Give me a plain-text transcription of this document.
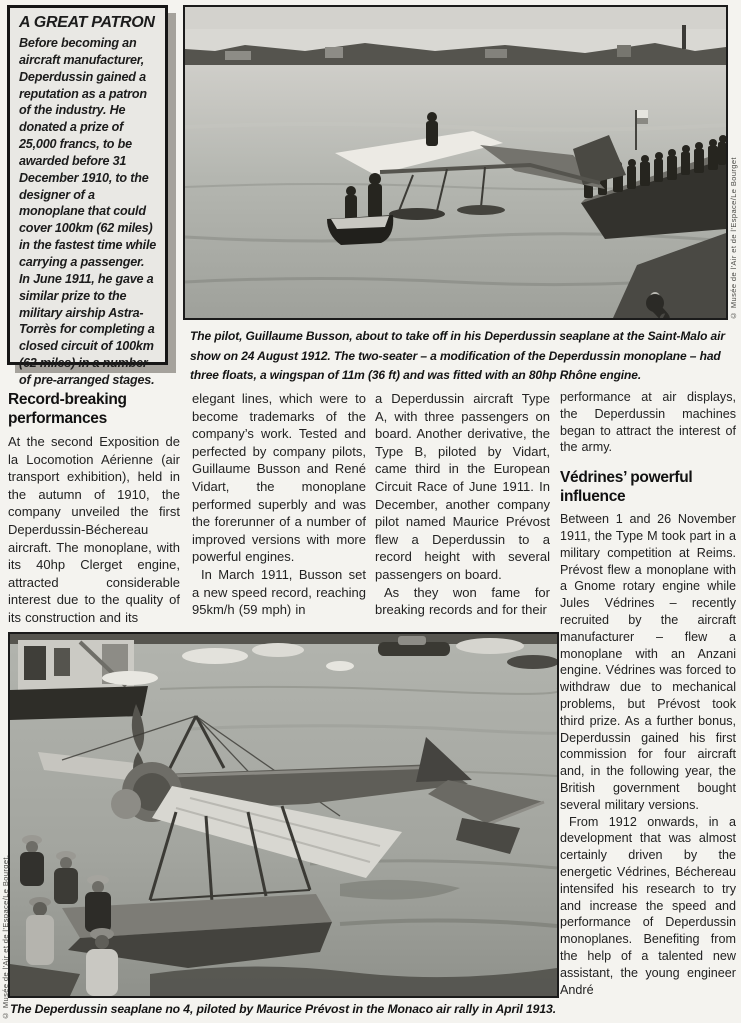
A GREAT PATRON
Before becoming an aircraft manufacturer, Deperdussin gained a reputation as a patron of the industry. He donated a prize of 25,000 francs, to be awarded before 31 December 1910, to the designer of a monoplane that could cover 100km (62 miles) in the fastest time while carrying a passenger. In June 1911, he gave a similar prize to the military airship Astra-Torrès for completing a closed circuit of 100km (62 miles) in a number of pre-arranged stages.
© Musée de l'Air et de l'Espace/Le Bourget
The pilot, Guillaume Busson, about to take off in his Deperdussin seaplane at the Saint-Malo air show on 24 August 1912. The two-seater – a modification of the Deperdussin monoplane – had three floats, a wingspan of 11m (36 ft) and was fitted with an 80hp Rhône engine.
Record-breaking performances

At the second Exposition de la Locomotion Aérienne (air transport exhibition), held in the autumn of 1910, the company unveiled the first Deperdussin-Béchereau aircraft. The monoplane, with its 40hp Clerget engine, attracted considerable interest due to the quality of its construction and its

elegant lines, which were to become trademarks of the company’s work. Tested and perfected by company pilots, Guillaume Busson and René Vidart, the monoplane performed superbly and was the forerunner of a number of improved versions with more powerful engines.

In March 1911, Busson set a new speed record, reaching 95km/h (59 mph) in

a Deperdussin aircraft Type A, with three passengers on board. Another derivative, the Type B, piloted by Vidart, came third in the European Circuit Race of June 1911. In December, another company pilot named Maurice Prévost flew a Deperdussin to a record height with several passengers on board.

As they won fame for breaking records and for their

performance at air displays, the Deperdussin machines began to attract the interest of the army.

Védrines’ powerful influence

Between 1 and 26 November 1911, the Type M took part in a military competition at Reims. Prévost flew a monoplane with a Gnome rotary engine while Jules Védrines – recently recruited by the aircraft manufacturer – flew a monoplane with an Anzani engine. Védrines was forced to withdraw due to mechanical problems, but Prévost took third prize. As a further bonus, Deperdussin gained his first commission for four aircraft and, in the following year, the British government bought several military versions.

From 1912 onwards, in a development that was almost certainly driven by the energetic Védrines, Béchereau intensifed his research to try and increase the speed and performance of Deperdussin monoplanes. Benefiting from the help of a talented new assistant, the young engineer André

© Musée de l'Air et de l'Espace/Le Bourget. The Deperdussin seaplane no 4, piloted by Maurice Prévost in the Monaco air rally in April 1913.
